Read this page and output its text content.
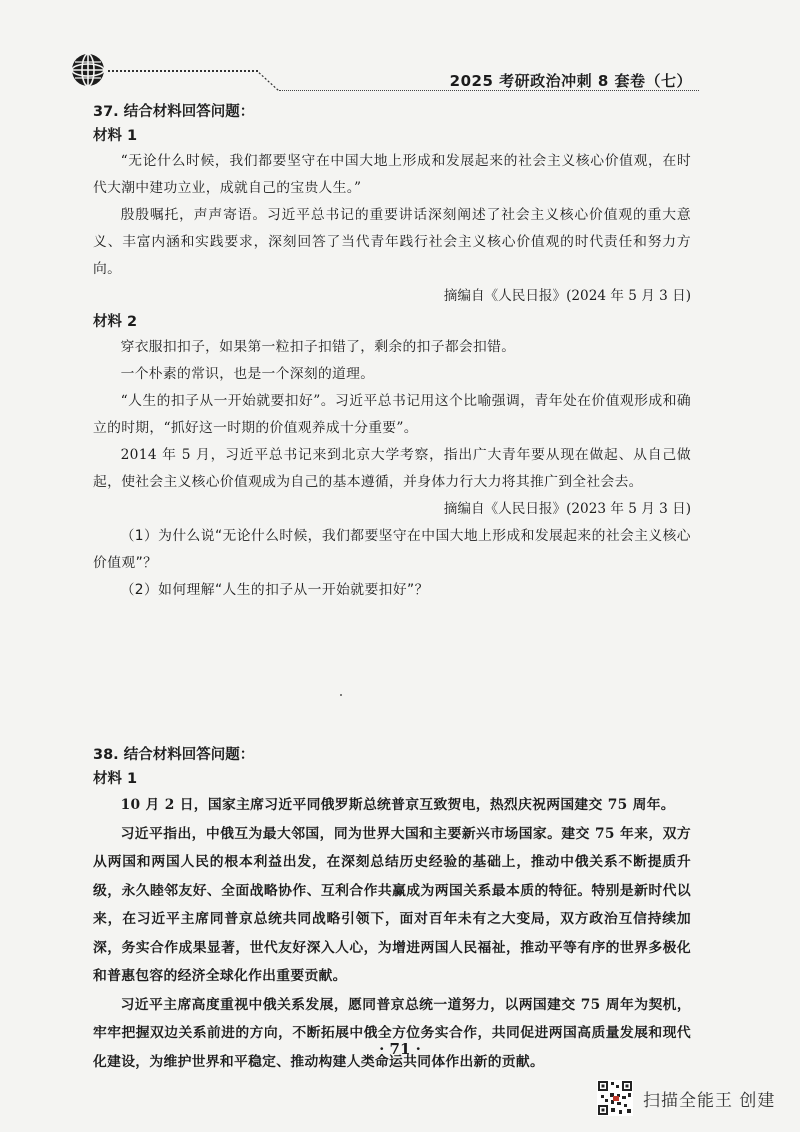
2025 考研政治冲刺 8 套卷（七）
37. 结合材料回答问题：
材料 1

“无论什么时候，我们都要坚守在中国大地上形成和发展起来的社会主义核心价值观，在时代大潮中建功立业，成就自己的宝贵人生。”

殷殷嘱托，声声寄语。习近平总书记的重要讲话深刻阐述了社会主义核心价值观的重大意义、丰富内涵和实践要求，深刻回答了当代青年践行社会主义核心价值观的时代责任和努力方向。

摘编自《人民日报》(2024 年 5 月 3 日)

材料 2

穿衣服扣扣子，如果第一粒扣子扣错了，剩余的扣子都会扣错。

一个朴素的常识，也是一个深刻的道理。

“人生的扣子从一开始就要扣好”。习近平总书记用这个比喻强调，青年处在价值观形成和确立的时期，“抓好这一时期的价值观养成十分重要”。

2014 年 5 月，习近平总书记来到北京大学考察，指出广大青年要从现在做起、从自己做起，使社会主义核心价值观成为自己的基本遵循，并身体力行大力将其推广到全社会去。

摘编自《人民日报》(2023 年 5 月 3 日)

（1）为什么说“无论什么时候，我们都要坚守在中国大地上形成和发展起来的社会主义核心价值观”？

（2）如何理解“人生的扣子从一开始就要扣好”？

38. 结合材料回答问题：
材料 1

10 月 2 日，国家主席习近平同俄罗斯总统普京互致贺电，热烈庆祝两国建交 75 周年。

习近平指出，中俄互为最大邻国，同为世界大国和主要新兴市场国家。建交 75 年来，双方从两国和两国人民的根本利益出发，在深刻总结历史经验的基础上，推动中俄关系不断提质升级，永久睦邻友好、全面战略协作、互利合作共赢成为两国关系最本质的特征。特别是新时代以来，在习近平主席同普京总统共同战略引领下，面对百年未有之大变局，双方政治互信持续加深，务实合作成果显著，世代友好深入人心，为增进两国人民福祉，推动平等有序的世界多极化和普惠包容的经济全球化作出重要贡献。

习近平主席高度重视中俄关系发展，愿同普京总统一道努力，以两国建交 75 周年为契机，牢牢把握双边关系前进的方向，不断拓展中俄全方位务实合作，共同促进两国高质量发展和现代化建设，为维护世界和平稳定、推动构建人类命运共同体作出新的贡献。

· 71 ·
扫描全能王 创建
